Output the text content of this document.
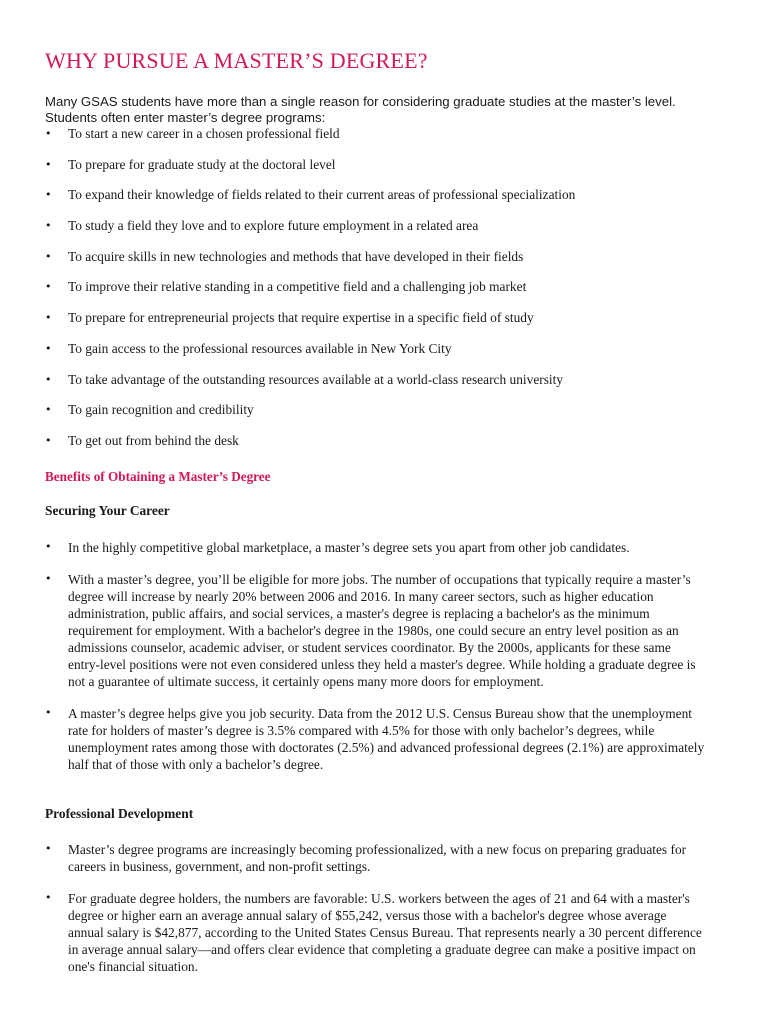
WHY PURSUE A MASTER’S DEGREE?

Many GSAS students have more than a single reason for considering graduate studies at the master’s level. Students often enter master’s degree programs:

• To start a new career in a chosen professional field
• To prepare for graduate study at the doctoral level
• To expand their knowledge of fields related to their current areas of professional specialization
• To study a field they love and to explore future employment in a related area
• To acquire skills in new technologies and methods that have developed in their fields
• To improve their relative standing in a competitive field and a challenging job market
• To prepare for entrepreneurial projects that require expertise in a specific field of study
• To gain access to the professional resources available in New York City
• To take advantage of the outstanding resources available at a world-class research university
• To gain recognition and credibility
• To get out from behind the desk
Benefits of Obtaining a Master’s Degree
Securing Your Career
• In the highly competitive global marketplace, a master’s degree sets you apart from other job candidates.
• With a master’s degree, you’ll be eligible for more jobs. The number of occupations that typically require a master’s degree will increase by nearly 20% between 2006 and 2016. In many career sectors, such as higher education administration, public affairs, and social services, a master's degree is replacing a bachelor's as the minimum requirement for employment. With a bachelor's degree in the 1980s, one could secure an entry level position as an admissions counselor, academic adviser, or student services coordinator. By the 2000s, applicants for these same entry-level positions were not even considered unless they held a master's degree. While holding a graduate degree is not a guarantee of ultimate success, it certainly opens many more doors for employment.
• A master’s degree helps give you job security. Data from the 2012 U.S. Census Bureau show that the unemployment rate for holders of master’s degree is 3.5% compared with 4.5% for those with only bachelor’s degrees, while unemployment rates among those with doctorates (2.5%) and advanced professional degrees (2.1%) are approximately half that of those with only a bachelor’s degree.
Professional Development
• Master’s degree programs are increasingly becoming professionalized, with a new focus on preparing graduates for careers in business, government, and non-profit settings.
• For graduate degree holders, the numbers are favorable: U.S. workers between the ages of 21 and 64 with a master's degree or higher earn an average annual salary of $55,242, versus those with a bachelor's degree whose average annual salary is $42,877, according to the United States Census Bureau. That represents nearly a 30 percent difference in average annual salary—and offers clear evidence that completing a graduate degree can make a positive impact on one's financial situation.
